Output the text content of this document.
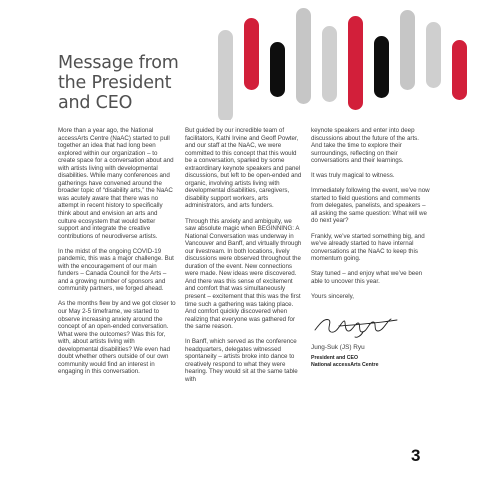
Message from the President and CEO

More than a year ago, the National accessArts Centre (NaAC) started to pull together an idea that had long been explored within our organization – to create space for a conversation about and with artists living with developmental disabilities. While many conferences and gatherings have convened around the broader topic of “disability arts,” the NaAC was acutely aware that there was no attempt in recent history to specifically think about and envision an arts and culture ecosystem that would better support and integrate the creative contributions of neurodiverse artists.

In the midst of the ongoing COVID-19 pandemic, this was a major challenge. But with the encouragement of our main funders – Canada Council for the Arts – and a growing number of sponsors and community partners, we forged ahead.

As the months flew by and we got closer to our May 2-5 timeframe, we started to observe increasing anxiety around the concept of an open-ended conversation. What were the outcomes? Was this for, with, about artists living with developmental disabilities? We even had doubt whether others outside of our own community would find an interest in engaging in this conversation.

But guided by our incredible team of facilitators, Kathi Irvine and Geoff Powter, and our staff at the NaAC, we were committed to this concept that this would be a conversation, sparked by some extraordinary keynote speakers and panel discussions, but left to be open-ended and organic, involving artists living with developmental disabilities, caregivers, disability support workers, arts administrators, and arts funders.

Through this anxiety and ambiguity, we saw absolute magic when BEGINNING: A National Conversation was underway in Vancouver and Banff, and virtually through our livestream. In both locations, lively discussions were observed throughout the duration of the event. New connections were made. New ideas were discovered. And there was this sense of excitement and comfort that was simultaneously present – excitement that this was the first time such a gathering was taking place. And comfort quickly discovered when realizing that everyone was gathered for the same reason.

In Banff, which served as the conference headquarters, delegates witnessed spontaneity – artists broke into dance to creatively respond to what they were hearing. They would sit at the same table with

keynote speakers and enter into deep discussions about the future of the arts. And take the time to explore their surroundings, reflecting on their conversations and their learnings.

It was truly magical to witness.

Immediately following the event, we’ve now started to field questions and comments from delegates, panelists, and speakers – all asking the same question: What will we do next year?

Frankly, we’ve started something big, and we’ve already started to have internal conversations at the NaAC to keep this momentum going.

Stay tuned – and enjoy what we’ve been able to uncover this year.

Yours sincerely,

Jung-Suk (JS) Ryu

President and CEO

National accessArts Centre

3
